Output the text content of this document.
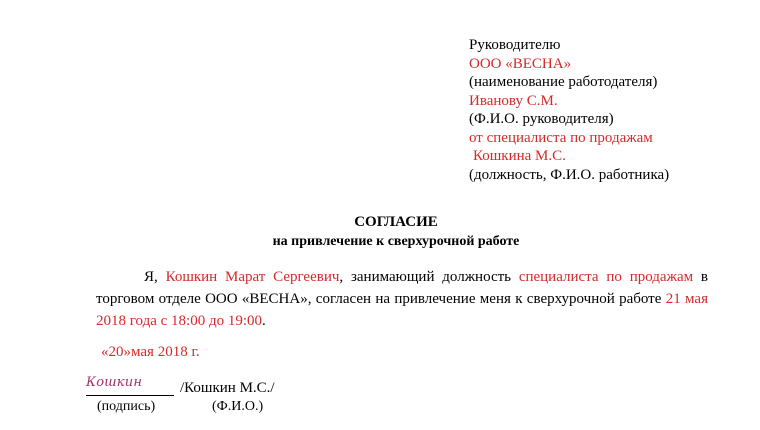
Руководителю
ООО «ВЕСНА»
(наименование работодателя)
Иванову С.М.
(Ф.И.О. руководителя)
от специалиста по продажам
Кошкина М.С.
(должность, Ф.И.О. работника)
СОГЛАСИЕ
на привлечение к сверхурочной работе
Я, Кошкин Марат Сергеевич, занимающий должность специалиста по продажам в торговом отделе ООО «ВЕСНА», согласен на привлечение меня к сверхурочной работе 21 мая 2018 года с 18:00 до 19:00.
«20»мая 2018 г.
Кошкин	/Кошкин М.С./
(подпись)	(Ф.И.О.)
